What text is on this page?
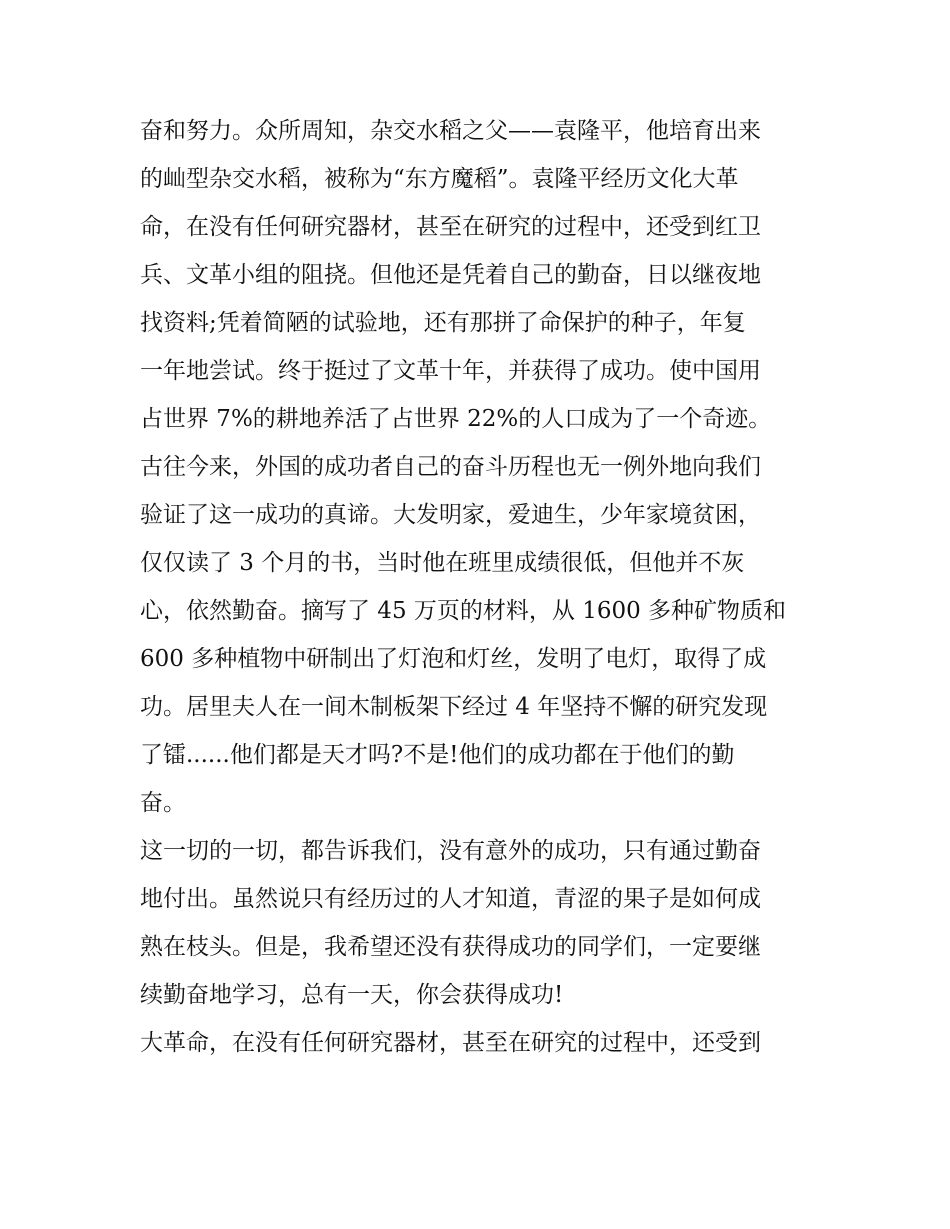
奋和努力。众所周知，杂交水稻之父——袁隆平，他培育出来
的屾型杂交水稻，被称为“东方魔稻”。袁隆平经历文化大革
命，在没有任何研究器材，甚至在研究的过程中，还受到红卫
兵、文革小组的阻挠。但他还是凭着自己的勤奋，日以继夜地
找资料;凭着简陋的试验地，还有那拼了命保护的种子，年复
一年地尝试。终于挺过了文革十年，并获得了成功。使中国用
占世界 7%的耕地养活了占世界 22%的人口成为了一个奇迹。
古往今来，外国的成功者自己的奋斗历程也无一例外地向我们
验证了这一成功的真谛。大发明家，爱迪生，少年家境贫困，
仅仅读了 3 个月的书，当时他在班里成绩很低，但他并不灰
心，依然勤奋。摘写了 45 万页的材料，从 1600 多种矿物质和
600 多种植物中研制出了灯泡和灯丝，发明了电灯，取得了成
功。居里夫人在一间木制板架下经过 4 年坚持不懈的研究发现
了镭......他们都是天才吗?不是!他们的成功都在于他们的勤
奋。
这一切的一切，都告诉我们，没有意外的成功，只有通过勤奋
地付出。虽然说只有经历过的人才知道，青涩的果子是如何成
熟在枝头。但是，我希望还没有获得成功的同学们，一定要继
续勤奋地学习，总有一天，你会获得成功!
大革命，在没有任何研究器材，甚至在研究的过程中，还受到
